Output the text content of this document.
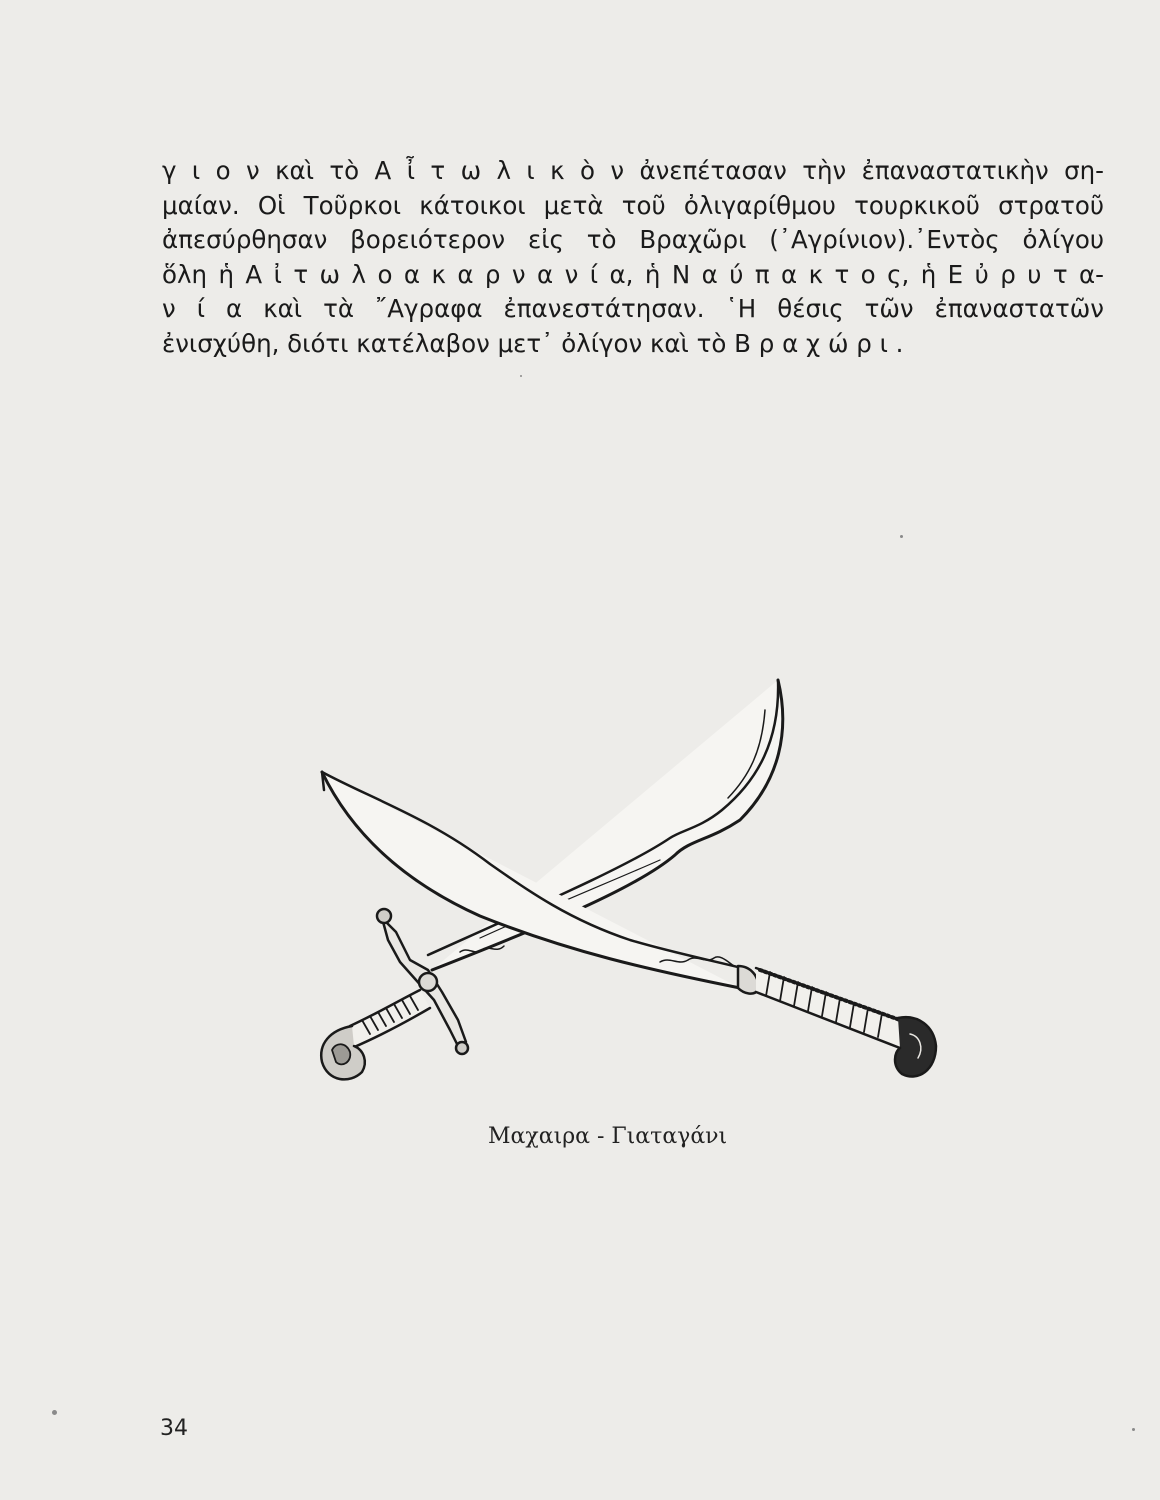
γ ι ο ν καὶ τὸ Α ἶ τ ω λ ι κ ὸ ν ἀνεπέτασαν τὴν ἐπαναστατικὴν ση-
μαίαν. Οἱ Τοῦρκοι κάτοικοι μετὰ τοῦ ὀλιγαρίθμου τουρκικοῦ στρατοῦ
ἀπεσύρθησαν βορειότερον εἰς τὸ Βραχῶρι (᾿Αγρίνιον).᾿Εντὸς ὀλίγου
ὅλη ἡ Α ἰ τ ω λ ο α κ α ρ ν α ν ί α, ἡ Ν α ύ π α κ τ ο ς, ἡ Ε ὐ ρ υ τ α-
ν ί α καὶ τὰ ῎Αγραφα ἐπανεστάτησαν. ῾Η θέσις τῶν ἐπαναστατῶν
ἐνισχύθη, διότι κατέλαβον μετ᾿ ὀλίγον καὶ τὸ Β ρ α χ ώ ρ ι .
Μαχαιρα - Γιαταγάνι
34
